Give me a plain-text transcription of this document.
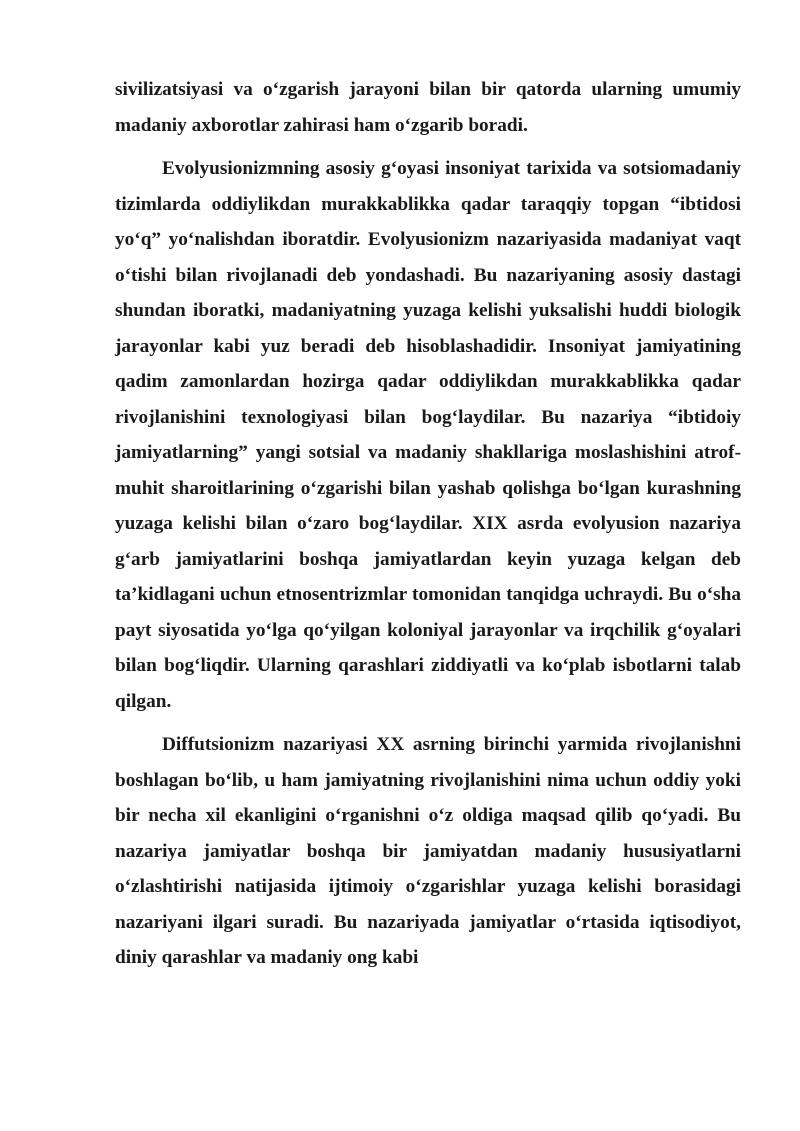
sivilizatsiyasi va o‘zgarish jarayoni bilan bir qatorda ularning umumiy madaniy axborotlar zahirasi ham o‘zgarib boradi.

Evolyusionizmning asosiy g‘oyasi insoniyat tarixida va sotsiomadaniy tizimlarda oddiylikdan murakkablikka qadar taraqqiy topgan “ibtidosi yo‘q” yo‘nalishdan iboratdir. Evolyusionizm nazariyasida madaniyat vaqt o‘tishi bilan rivojlanadi deb yondashadi. Bu nazariyaning asosiy dastagi shundan iboratki, madaniyatning yuzaga kelishi yuksalishi huddi biologik jarayonlar kabi yuz beradi deb hisoblashadidir. Insoniyat jamiyatining qadim zamonlardan hozirga qadar oddiylikdan murakkablikka qadar rivojlanishini texnologiyasi bilan bog‘laydilar. Bu nazariya “ibtidoiy jamiyatlarning” yangi sotsial va madaniy shakllariga moslashishini atrof-muhit sharoitlarining o‘zgarishi bilan yashab qolishga bo‘lgan kurashning yuzaga kelishi bilan o‘zaro bog‘laydilar. XIX asrda evolyusion nazariya g‘arb jamiyatlarini boshqa jamiyatlardan keyin yuzaga kelgan deb ta’kidlagani uchun etnosentrizmlar tomonidan tanqidga uchraydi. Bu o‘sha payt siyosatida yo‘lga qo‘yilgan koloniyal jarayonlar va irqchilik g‘oyalari bilan bog‘liqdir. Ularning qarashlari ziddiyatli va ko‘plab isbotlarni talab qilgan.

Diffutsionizm nazariyasi XX asrning birinchi yarmida rivojlanishni boshlagan bo‘lib, u ham jamiyatning rivojlanishini nima uchun oddiy yoki bir necha xil ekanligini o‘rganishni o‘z oldiga maqsad qilib qo‘yadi. Bu nazariya jamiyatlar boshqa bir jamiyatdan madaniy hususiyatlarni o‘zlashtirishi natijasida ijtimoiy o‘zgarishlar yuzaga kelishi borasidagi nazariyani ilgari suradi. Bu nazariyada jamiyatlar o‘rtasida iqtisodiyot, diniy qarashlar va madaniy ong kabi
